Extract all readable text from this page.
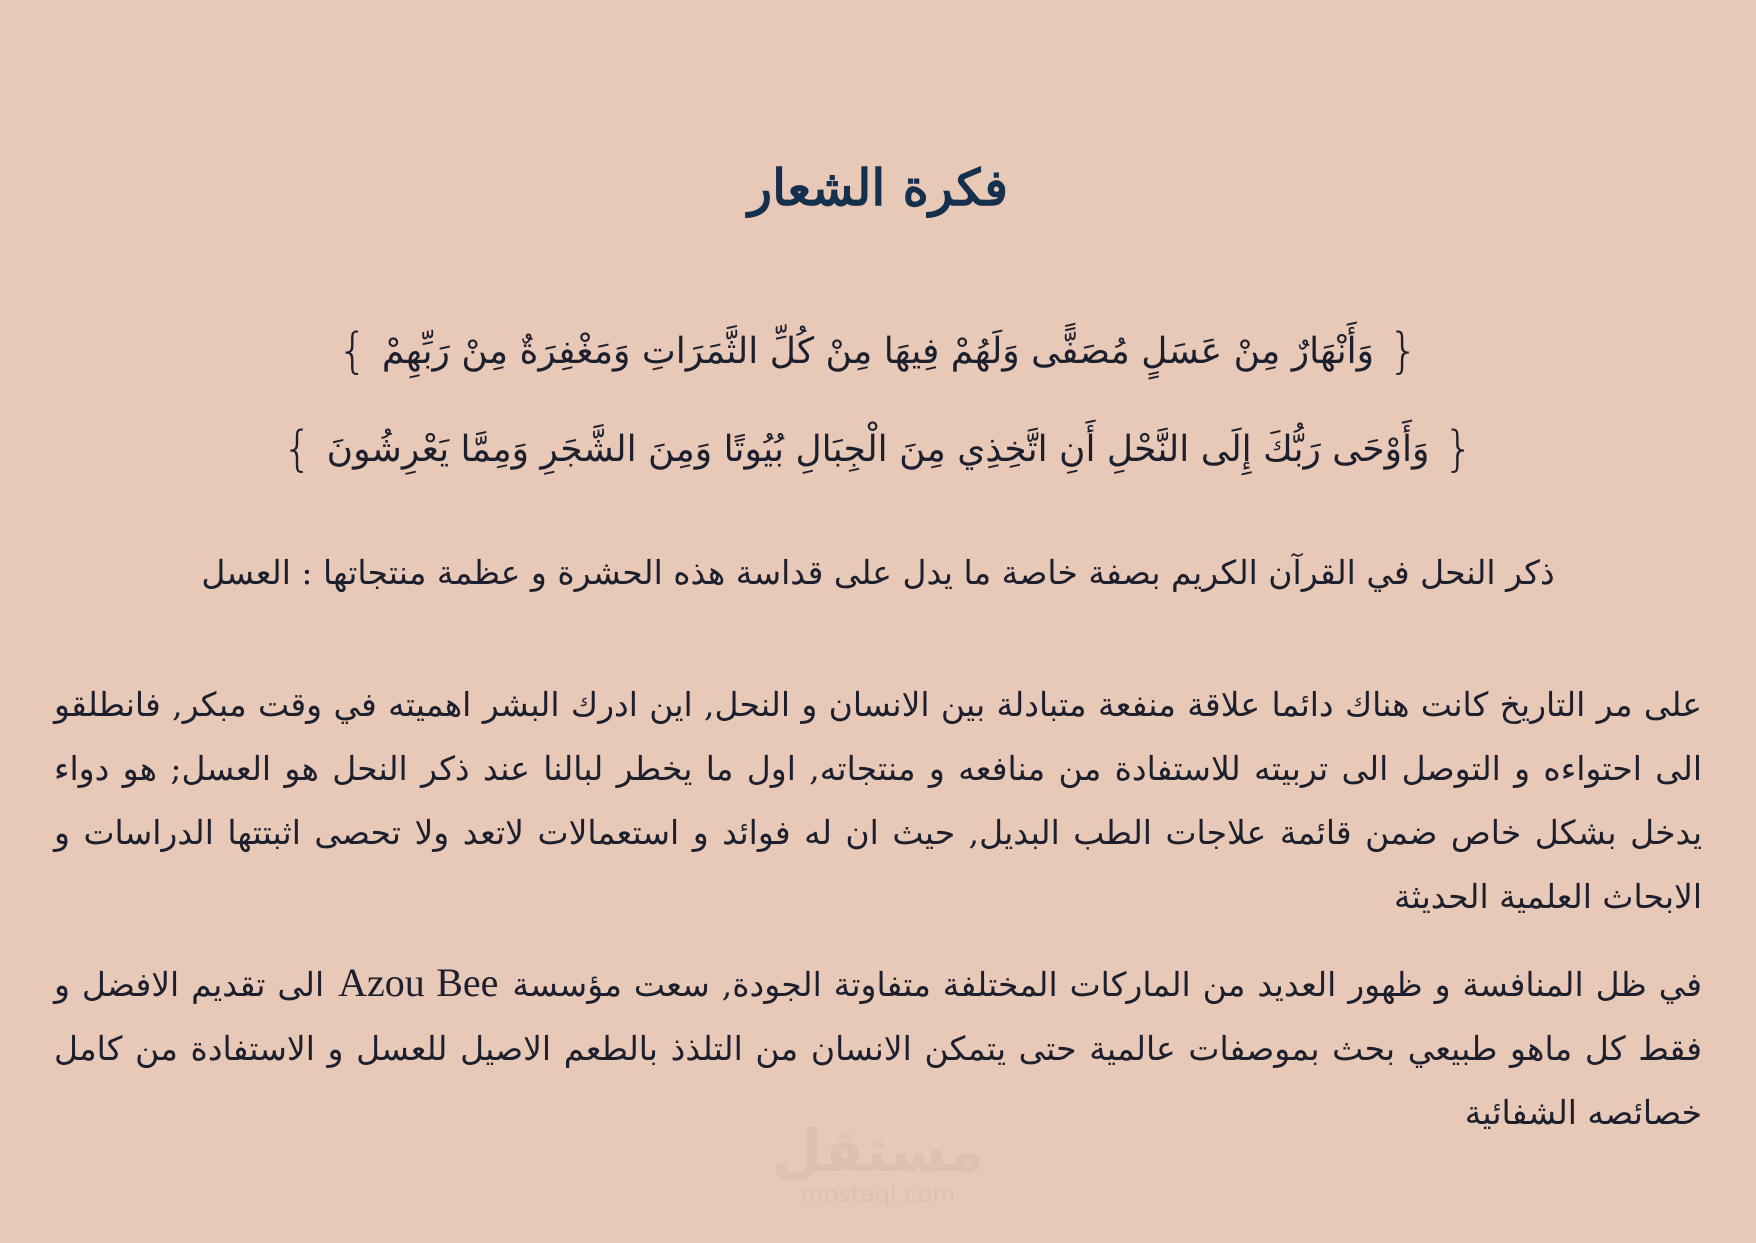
فكرة الشعار
{وَأَنْهَارٌ مِنْ عَسَلٍ مُصَفًّى وَلَهُمْ فِيهَا مِنْ كُلِّ الثَّمَرَاتِ وَمَغْفِرَةٌ مِنْ رَبِّهِمْ}
{وَأَوْحَى رَبُّكَ إِلَى النَّحْلِ أَنِ اتَّخِذِي مِنَ الْجِبَالِ بُيُوتًا وَمِنَ الشَّجَرِ وَمِمَّا يَعْرِشُونَ}
ذكر النحل في القرآن الكريم بصفة خاصة ما يدل على قداسة هذه الحشرة و عظمة منتجاتها : العسل

على مر التاريخ كانت هناك دائما علاقة منفعة متبادلة بين الانسان و النحل, اين ادرك البشر اهميته في وقت مبكر, فانطلقو الى احتواءه و التوصل الى تربيته للاستفادة من منافعه و منتجاته, اول ما يخطر لبالنا عند ذكر النحل هو العسل; هو دواء يدخل بشكل خاص ضمن قائمة علاجات الطب البديل, حيث ان له فوائد و استعمالات لاتعد ولا تحصى اثبتتها الدراسات و الابحاث العلمية الحديثة

في ظل المنافسة و ظهور العديد من الماركات المختلفة متفاوتة الجودة, سعت مؤسسةAzou Beeالى تقديم الافضل و فقط كل ماهو طبيعي بحث بموصفات عالمية حتى يتمكن الانسان من التلذذ بالطعم الاصيل للعسل و الاستفادة من كامل خصائصه الشفائية

مستقل
mostaql.com
